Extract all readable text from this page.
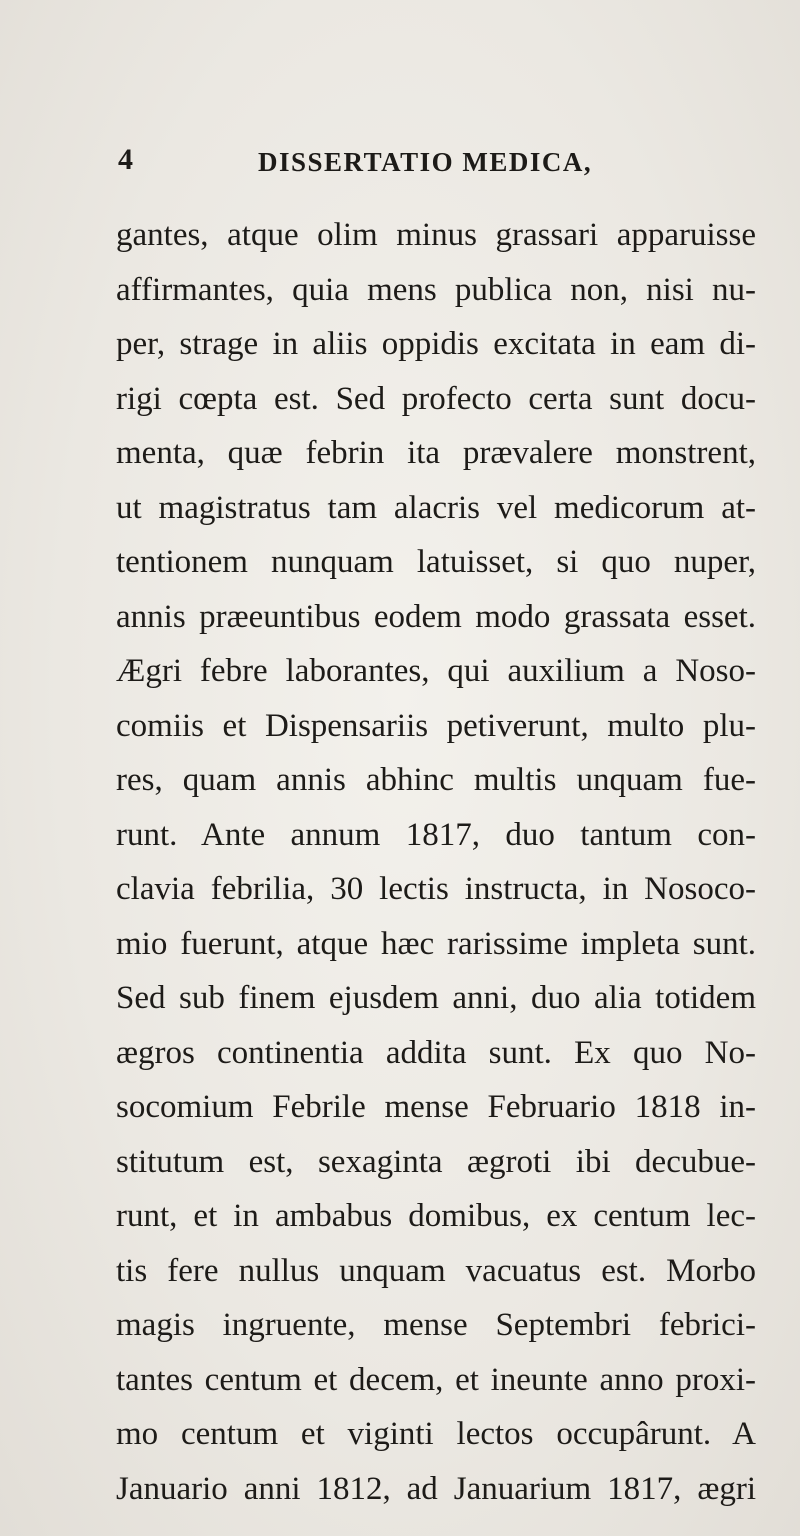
4	DISSERTATIO MEDICA,
gantes, atque olim minus grassari apparuisse
affirmantes, quia mens publica non, nisi nu-
per, strage in aliis oppidis excitata in eam di-
rigi cœpta est. Sed profecto certa sunt docu-
menta, quæ febrin ita prævalere monstrent,
ut magistratus tam alacris vel medicorum at-
tentionem nunquam latuisset, si quo nuper,
annis præeuntibus eodem modo grassata esset.
Ægri febre laborantes, qui auxilium a Noso-
comiis et Dispensariis petiverunt, multo plu-
res, quam annis abhinc multis unquam fue-
runt. Ante annum 1817, duo tantum con-
clavia febrilia, 30 lectis instructa, in Nosoco-
mio fuerunt, atque hæc rarissime impleta sunt.
Sed sub finem ejusdem anni, duo alia totidem
ægros continentia addita sunt. Ex quo No-
socomium Febrile mense Februario 1818 in-
stitutum est, sexaginta ægroti ibi decubue-
runt, et in ambabus domibus, ex centum lec-
tis fere nullus unquam vacuatus est. Morbo
magis ingruente, mense Septembri febrici-
tantes centum et decem, et ineunte anno proxi-
mo centum et viginti lectos occupârunt. A
Januario anni 1812, ad Januarium 1817, ægri
